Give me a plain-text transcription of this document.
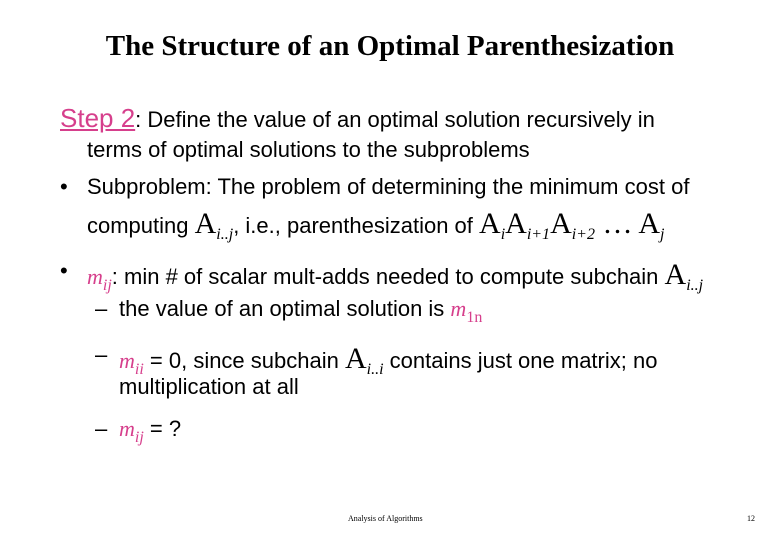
The Structure of an Optimal Parenthesization
Step 2: Define the value of an optimal solution recursively in
terms of optimal solutions to the subproblems
• Subproblem: The problem of determining the minimum cost of
computing $A_{i..j}$, i.e., parenthesization of $A_iA_{i+1}A_{i+2}$ … $A_j$
• $m_{ij}$: min # of scalar mult-adds needed to compute subchain $A_{i..j}$
– the value of an optimal solution is $m_{1n}$
– $m_{ii} = 0$, since subchain $A_{i..i}$ contains just one matrix; no
multiplication at all
– $m_{ij}$ = ?
Analysis of Algorithms	12
